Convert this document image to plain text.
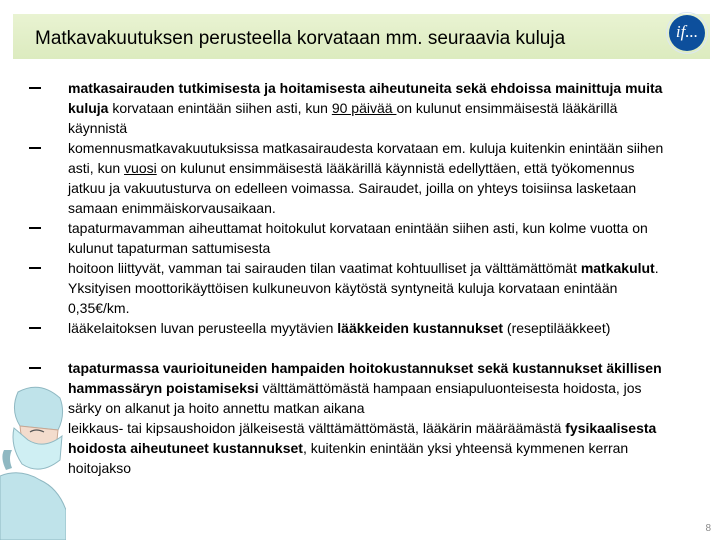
Matkavakuutuksen perusteella korvataan mm. seuraavia kuluja	if...
matkasairauden tutkimisesta ja hoitamisesta aiheutuneita sekä ehdoissa mainittuja muita kuluja korvataan enintään siihen asti, kun 90 päivää on kulunut ensimmäisestä lääkärillä käynnistä
komennusmatkavakuutuksissa matkasairaudesta korvataan em. kuluja kuitenkin enintään siihen asti, kun vuosi on kulunut ensimmäisestä lääkärillä käynnistä edellyttäen, että työkomennus jatkuu ja vakuutusturva on edelleen voimassa. Sairaudet, joilla on yhteys toisiinsa lasketaan samaan enimmäiskorvausaikaan.
tapaturmavamman aiheuttamat hoitokulut korvataan enintään siihen asti, kun kolme vuotta on kulunut tapaturman sattumisesta
hoitoon liittyvät, vamman tai sairauden tilan vaatimat kohtuulliset ja välttämättömät matkakulut. Yksityisen moottorikäyttöisen kulkuneuvon käytöstä syntyneitä kuluja korvataan enintään 0,35€/km.
lääkelaitoksen luvan perusteella myytävien lääkkeiden kustannukset (reseptilääkkeet)
tapaturmassa vaurioituneiden hampaiden hoitokustannukset sekä kustannukset äkillisen hammassäryn poistamiseksi välttämättömästä hampaan ensiapuluonteisesta hoidosta, jos särky on alkanut ja hoito annettu matkan aikana
leikkaus- tai kipsaushoidon jälkeisestä välttämättömästä, lääkärin määräämästä fysikaalisesta hoidosta aiheutuneet kustannukset, kuitenkin enintään yksi yhteensä kymmenen kerran hoitojakso
8
